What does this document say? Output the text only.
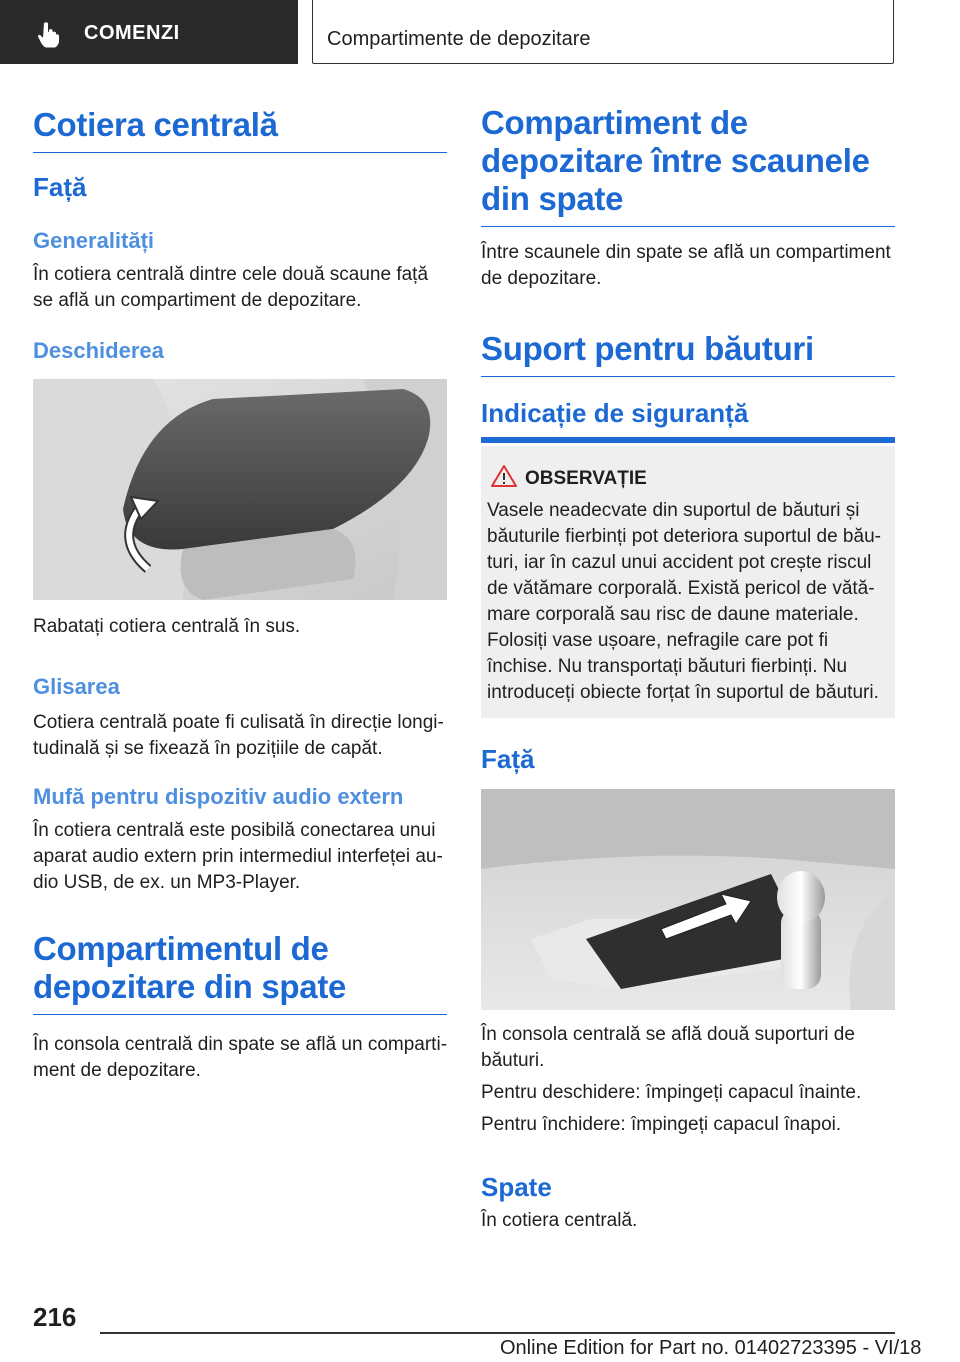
COMENZI	Compartimente de depozitare
Cotiera centrală
Față
Generalități
În cotiera centrală dintre cele două scaune față se află un compartiment de depozitare.
Deschiderea
Rabatați cotiera centrală în sus.
Glisarea
Cotiera centrală poate fi culisată în direcție longitudinală și se fixează în pozițiile de capăt.
Mufă pentru dispozitiv audio extern
În cotiera centrală este posibilă conectarea unui aparat audio extern prin intermediul interfeței audio USB, de ex. un MP3-Player.
Compartimentul de depozitare din spate
În consola centrală din spate se află un compartiment de depozitare.
Compartiment de depozitare între scaunele din spate
Între scaunele din spate se află un compartiment de depozitare.
Suport pentru băuturi
Indicație de siguranță
OBSERVAȚIE
Vasele neadecvate din suportul de băuturi și băuturile fierbinți pot deteriora suportul de băuturi, iar în cazul unui accident pot crește riscul de vătămare corporală. Există pericol de vătămare corporală sau risc de daune materiale. Folosiți vase ușoare, nefragile care pot fi închise. Nu transportați băuturi fierbinți. Nu introduceți obiecte forțat în suportul de băuturi.
Față
În consola centrală se află două suporturi de băuturi.
Pentru deschidere: împingeți capacul înainte.
Pentru închidere: împingeți capacul înapoi.
Spate
În cotiera centrală.
216
Online Edition for Part no. 01402723395 - VI/18
